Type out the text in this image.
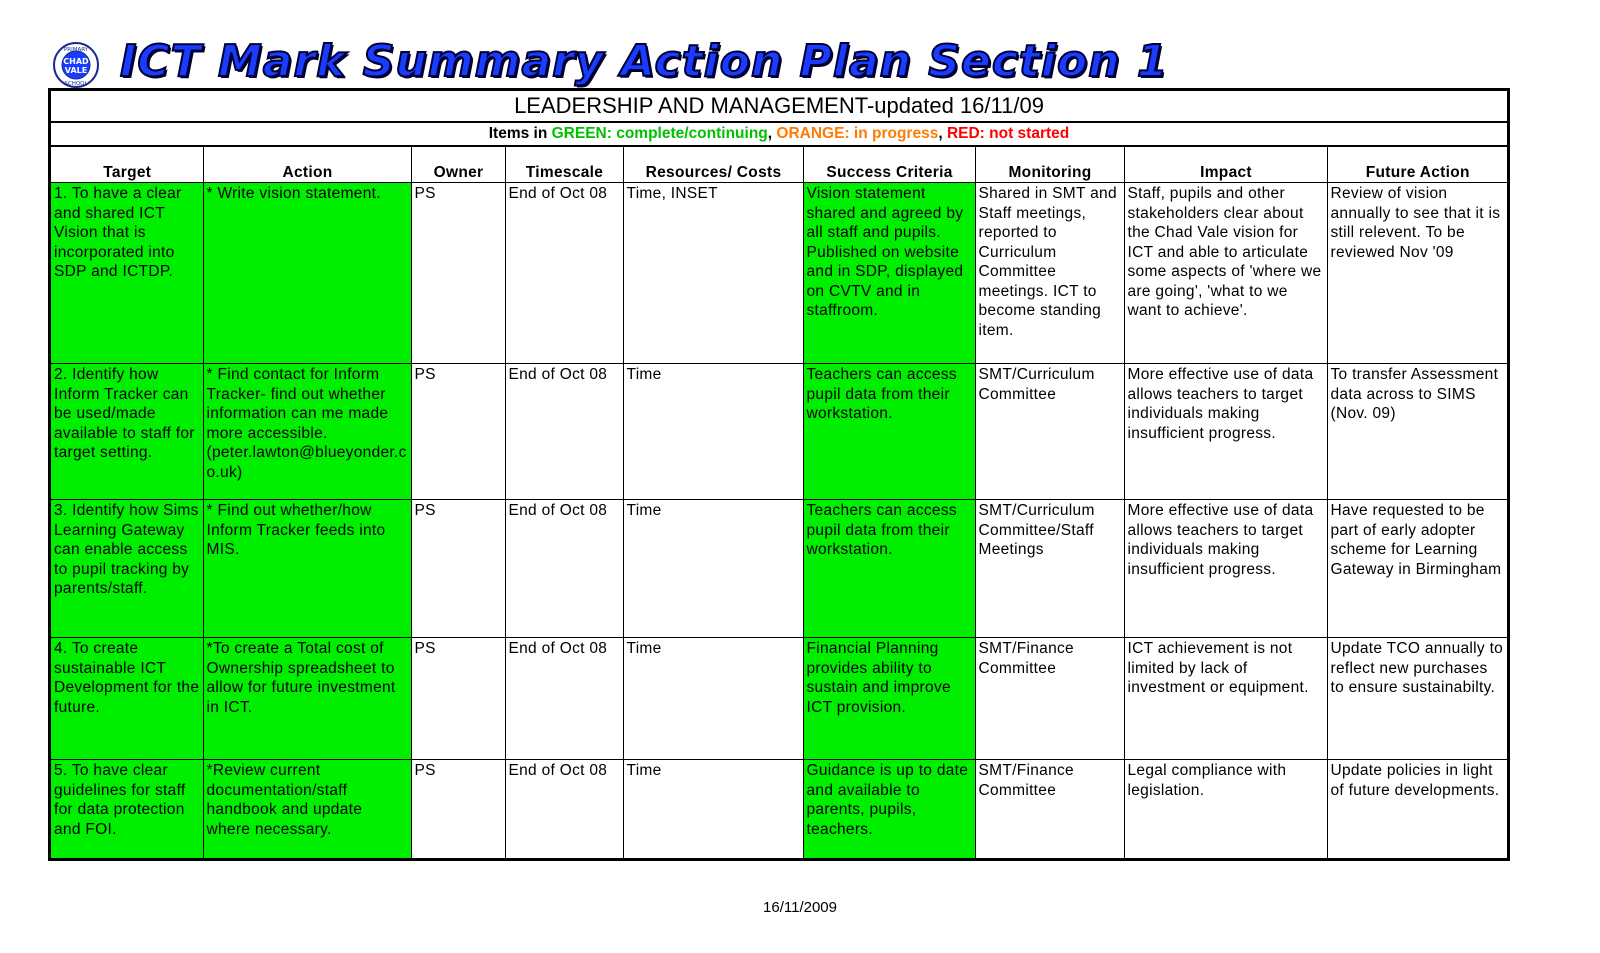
PRIMARY
CHAD
VALE
SCHOOL ICT Mark Summary Action Plan Section 1
LEADERSHIP AND MANAGEMENT-updated 16/11/09
Items in GREEN: complete/continuing, ORANGE: in progress, RED: not started
Target	Action	Owner	Timescale	Resources/ Costs	Success Criteria	Monitoring	Impact	Future Action
1. To have a clear and shared ICT Vision that is incorporated into SDP and ICTDP.	* Write vision statement.	PS	End of Oct 08	Time, INSET	Vision statement shared and agreed by all staff and pupils. Published on website and in SDP, displayed on CVTV and in staffroom.	Shared in SMT and Staff meetings, reported to Curriculum Committee meetings. ICT to become standing item.	Staff, pupils and other stakeholders clear about the Chad Vale vision for ICT and able to articulate some aspects of 'where we are going', 'what to we want to achieve'.	Review of vision annually to see that it is still relevent. To be reviewed Nov '09
2. Identify how Inform Tracker can be used/made available to staff for target setting.	* Find contact for Inform Tracker- find out whether information can me made more accessible. (peter.lawton@blueyonder.co.uk)	PS	End of Oct 08	Time	Teachers can access pupil data from their workstation.	SMT/Curriculum Committee	More effective use of data allows teachers to target individuals making insufficient progress.	To transfer Assessment data across to SIMS (Nov. 09)
3. Identify how Sims Learning Gateway can enable access to pupil tracking by parents/staff.	* Find out whether/how Inform Tracker feeds into MIS.	PS	End of Oct 08	Time	Teachers can access pupil data from their workstation.	SMT/Curriculum Committee/Staff Meetings	More effective use of data allows teachers to target individuals making insufficient progress.	Have requested to be part of early adopter scheme for Learning Gateway in Birmingham
4. To create sustainable ICT Development for the future.	*To create a Total cost of Ownership spreadsheet to allow for future investment in ICT.	PS	End of Oct 08	Time	Financial Planning provides ability to sustain and improve ICT provision.	SMT/Finance Committee	ICT achievement is not limited by lack of investment or equipment.	Update TCO annually to reflect new purchases to ensure sustainabilty.
5. To have clear guidelines for staff for data protection and FOI.	*Review current documentation/staff handbook and update where necessary.	PS	End of Oct 08	Time	Guidance is up to date and available to parents, pupils, teachers.	SMT/Finance Committee	Legal compliance with legislation.	Update policies in light of future developments.
16/11/2009
